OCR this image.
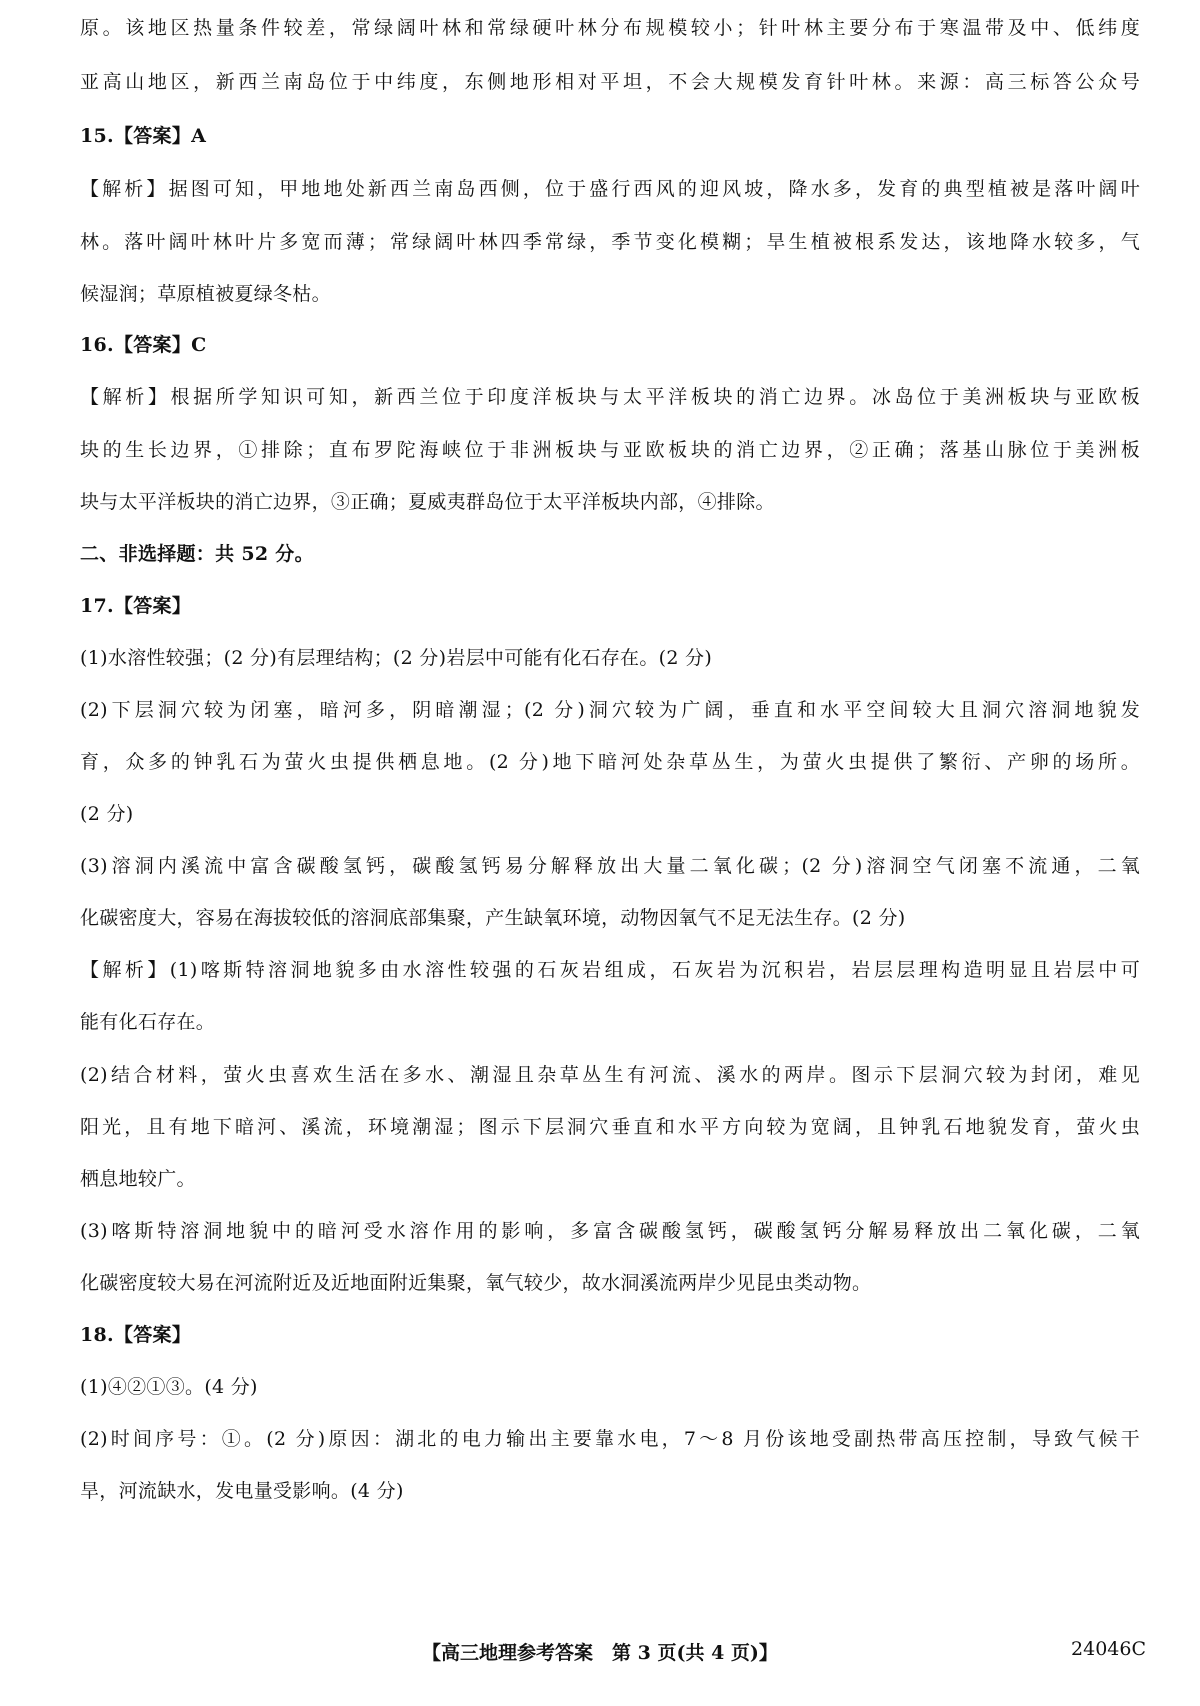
原。该地区热量条件较差，常绿阔叶林和常绿硬叶林分布规模较小；针叶林主要分布于寒温带及中、低纬度
亚高山地区，新西兰南岛位于中纬度，东侧地形相对平坦，不会大规模发育针叶林。来源：高三标答公众号
15.【答案】A
【解析】据图可知，甲地地处新西兰南岛西侧，位于盛行西风的迎风坡，降水多，发育的典型植被是落叶阔叶
林。落叶阔叶林叶片多宽而薄；常绿阔叶林四季常绿，季节变化模糊；旱生植被根系发达，该地降水较多，气
候湿润；草原植被夏绿冬枯。
16.【答案】C
【解析】根据所学知识可知，新西兰位于印度洋板块与太平洋板块的消亡边界。冰岛位于美洲板块与亚欧板
块的生长边界，①排除；直布罗陀海峡位于非洲板块与亚欧板块的消亡边界，②正确；落基山脉位于美洲板
块与太平洋板块的消亡边界，③正确；夏威夷群岛位于太平洋板块内部，④排除。
二、非选择题：共 52 分。
17.【答案】
(1)水溶性较强；(2 分)有层理结构；(2 分)岩层中可能有化石存在。(2 分)
(2)下层洞穴较为闭塞，暗河多，阴暗潮湿；(2 分)洞穴较为广阔，垂直和水平空间较大且洞穴溶洞地貌发
育，众多的钟乳石为萤火虫提供栖息地。(2 分)地下暗河处杂草丛生，为萤火虫提供了繁衍、产卵的场所。
(2 分)
(3)溶洞内溪流中富含碳酸氢钙，碳酸氢钙易分解释放出大量二氧化碳；(2 分)溶洞空气闭塞不流通，二氧
化碳密度大，容易在海拔较低的溶洞底部集聚，产生缺氧环境，动物因氧气不足无法生存。(2 分)
【解析】(1)喀斯特溶洞地貌多由水溶性较强的石灰岩组成，石灰岩为沉积岩，岩层层理构造明显且岩层中可
能有化石存在。
(2)结合材料，萤火虫喜欢生活在多水、潮湿且杂草丛生有河流、溪水的两岸。图示下层洞穴较为封闭，难见
阳光，且有地下暗河、溪流，环境潮湿；图示下层洞穴垂直和水平方向较为宽阔，且钟乳石地貌发育，萤火虫
栖息地较广。
(3)喀斯特溶洞地貌中的暗河受水溶作用的影响，多富含碳酸氢钙，碳酸氢钙分解易释放出二氧化碳，二氧
化碳密度较大易在河流附近及近地面附近集聚，氧气较少，故水洞溪流两岸少见昆虫类动物。
18.【答案】
(1)④②①③。(4 分)
(2)时间序号：①。(2 分)原因：湖北的电力输出主要靠水电，7～8 月份该地受副热带高压控制，导致气候干
旱，河流缺水，发电量受影响。(4 分)
【高三地理参考答案　第 3 页(共 4 页)】	24046C
